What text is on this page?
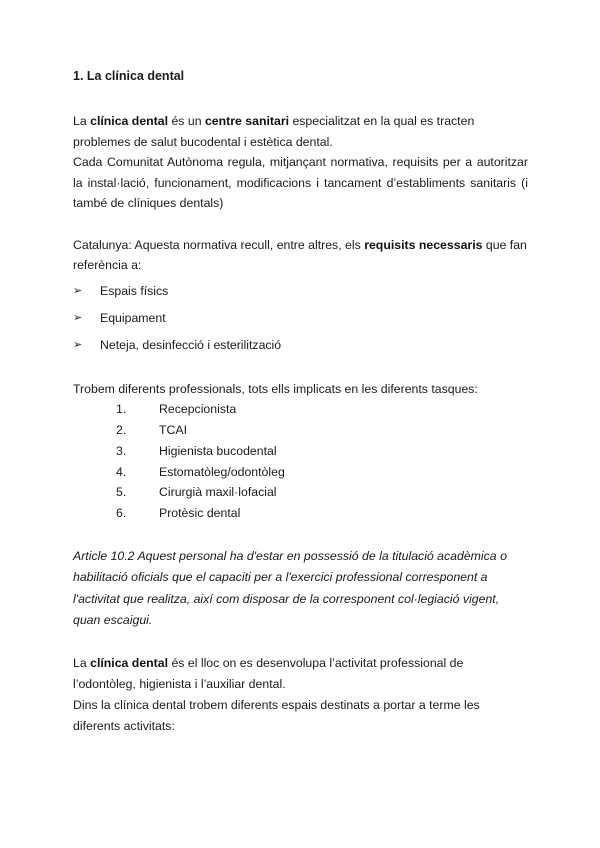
1. La clínica dental

La clínica dental és un centre sanitari especialitzat en la qual es tracten problemes de salut bucodental i estètica dental.

Cada Comunitat Autònoma regula, mitjançant normativa, requisits per a autoritzar la instal·lació, funcionament, modificacions i tancament d’establiments sanitaris (i també de clíniques dentals)

Catalunya: Aquesta normativa recull, entre altres, els requisits necessaris que fan referència a:

➢	Espais físics
➢	Equipament
➢	Neteja, desinfecció i esterilització

Trobem diferents professionals, tots ells implicats en les diferents tasques:

1.	Recepcionista
2.	TCAI
3.	Higienista bucodental
4.	Estomatòleg/odontòleg
5.	Cirurgià maxil·lofacial
6.	Protèsic dental

Article 10.2 Aquest personal ha d'estar en possessió de la titulació acadèmica o habilitació oficials que el capaciti per a l'exercici professional corresponent a l'activitat que realitza, així com disposar de la corresponent col·legiació vigent, quan escaigui.

La clínica dental és el lloc on es desenvolupa l’activitat professional de l’odontòleg, higienista i l’auxiliar dental.

Dins la clínica dental trobem diferents espais destinats a portar a terme les diferents activitats:
